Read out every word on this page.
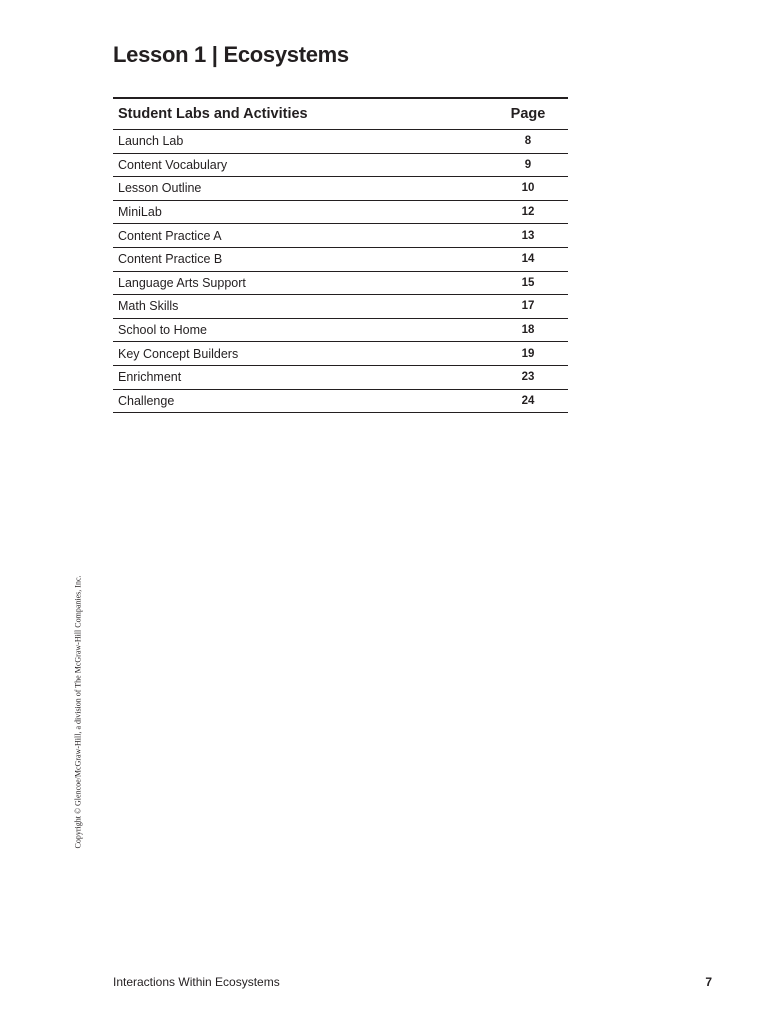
Lesson 1 | Ecosystems
Student Labs and Activities	Page
Launch Lab	8
Content Vocabulary	9
Lesson Outline	10
MiniLab	12
Content Practice A	13
Content Practice B	14
Language Arts Support	15
Math Skills	17
School to Home	18
Key Concept Builders	19
Enrichment	23
Challenge	24
Copyright © Glencoe/McGraw-Hill, a division of The McGraw-Hill Companies, Inc.
Interactions Within Ecosystems	7
